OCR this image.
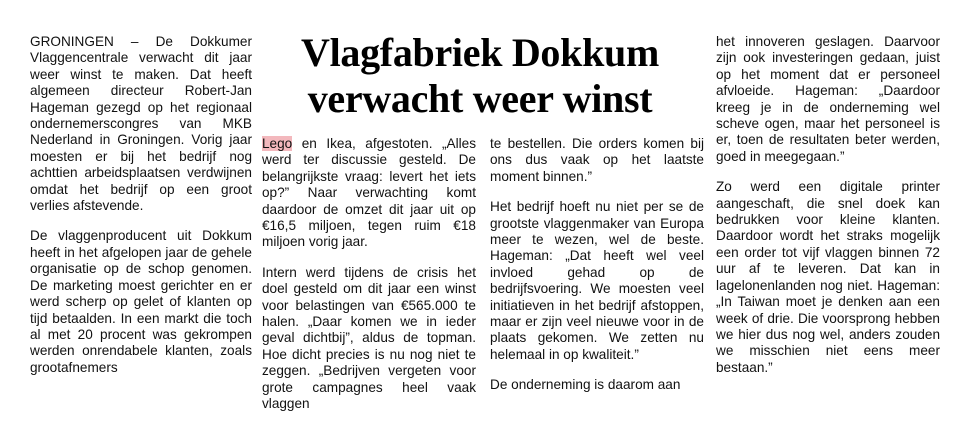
Vlagfabriek Dokkum
verwacht weer winst

GRONINGEN – De Dokkumer Vlaggencentrale verwacht dit jaar weer winst te maken. Dat heeft algemeen directeur Robert-Jan Hageman gezegd op het regionaal ondernemerscongres van MKB Nederland in Groningen. Vorig jaar moesten er bij het bedrijf nog achttien arbeidsplaatsen verdwijnen omdat het bedrijf op een groot verlies afstevende.

De vlaggenproducent uit Dokkum heeft in het afgelopen jaar de gehele organisatie op de schop genomen. De marketing moest gerichter en er werd scherp op gelet of klanten op tijd betaalden. In een markt die toch al met 20 procent was gekrompen werden onrendabele klanten, zoals grootafnemers

Lego en Ikea, afgestoten. „Alles werd ter discussie gesteld. De belangrijkste vraag: levert het iets op?” Naar verwachting komt daardoor de omzet dit jaar uit op €16,5 miljoen, tegen ruim €18 miljoen vorig jaar.

Intern werd tijdens de crisis het doel gesteld om dit jaar een winst voor belastingen van €565.000 te halen. „Daar komen we in ieder geval dichtbij”, aldus de topman. Hoe dicht precies is nu nog niet te zeggen. „Bedrijven vergeten voor grote campagnes heel vaak vlaggen

te bestellen. Die orders komen bij ons dus vaak op het laatste moment binnen.”

Het bedrijf hoeft nu niet per se de grootste vlaggenmaker van Europa meer te wezen, wel de beste. Hageman: „Dat heeft wel veel invloed gehad op de bedrijfsvoering. We moesten veel initiatieven in het bedrijf afstoppen, maar er zijn veel nieuwe voor in de plaats gekomen. We zetten nu helemaal in op kwaliteit.”

De onderneming is daarom aan

het innoveren geslagen. Daarvoor zijn ook investeringen gedaan, juist op het moment dat er personeel afvloeide. Hageman: „Daardoor kreeg je in de onderneming wel scheve ogen, maar het personeel is er, toen de resultaten beter werden, goed in meegegaan.”

Zo werd een digitale printer aangeschaft, die snel doek kan bedrukken voor kleine klanten. Daardoor wordt het straks mogelijk een order tot vijf vlaggen binnen 72 uur af te leveren. Dat kan in lagelonenlanden nog niet. Hageman: „In Taiwan moet je denken aan een week of drie. Die voorsprong hebben we hier dus nog wel, anders zouden we misschien niet eens meer bestaan.”
